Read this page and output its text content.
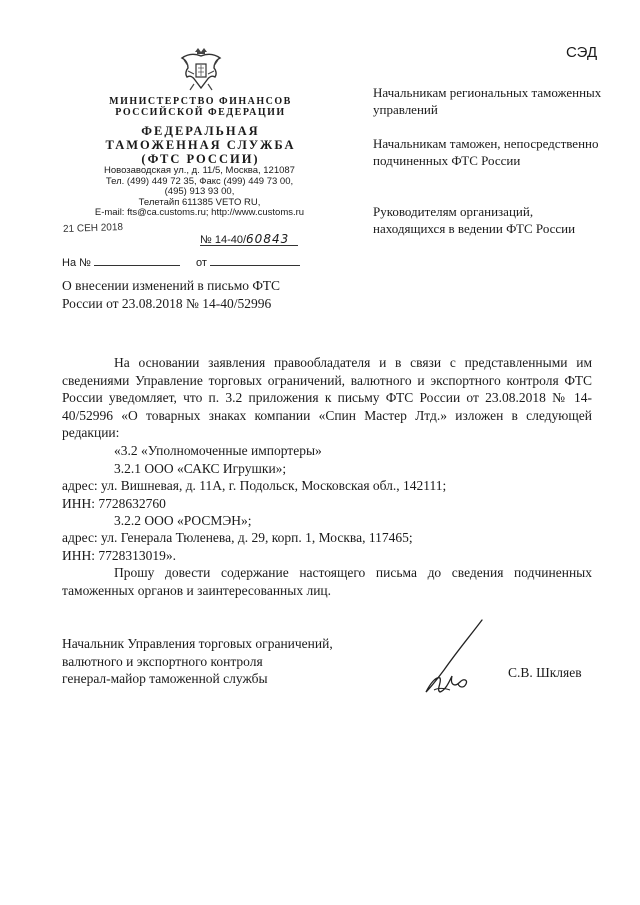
СЭД
МИНИСТЕРСТВО ФИНАНСОВ
РОССИЙСКОЙ ФЕДЕРАЦИИ
ФЕДЕРАЛЬНАЯ
ТАМОЖЕННАЯ СЛУЖБА
(ФТС РОССИИ)
Новозаводская ул., д. 11/5, Москва, 121087
Тел. (499) 449 72 35, Факс (499) 449 73 00,
(495) 913 93 00,
Телетайп 611385 VETO RU,
E-mail: fts@ca.customs.ru; http://www.customs.ru
21 СЕН 2018
№ 14-40/60843
На №	от
Начальникам региональных таможенных управлений
Начальникам таможен, непосредственно подчиненных ФТС России
Руководителям организаций, находящихся в ведении ФТС России
О внесении изменений в письмо ФТС России от 23.08.2018 № 14-40/52996
На основании заявления правообладателя и в связи с представленными им сведениями Управление торговых ограничений, валютного и экспортного контроля ФТС России уведомляет, что п. 3.2 приложения к письму ФТС России от 23.08.2018 № 14-40/52996 «О товарных знаках компании «Спин Мастер Лтд.» изложен в следующей редакции:
«3.2 «Уполномоченные импортеры»
3.2.1 ООО «САКС Игрушки»;
адрес: ул. Вишневая, д. 11А, г. Подольск, Московская обл., 142111;
ИНН: 7728632760
3.2.2 ООО «РОСМЭН»;
адрес: ул. Генерала Тюленева, д. 29, корп. 1, Москва, 117465;
ИНН: 7728313019».
Прошу довести содержание настоящего письма до сведения подчиненных таможенных органов и заинтересованных лиц.
Начальник Управления торговых ограничений,
валютного и экспортного контроля
генерал-майор таможенной службы	С.В. Шкляев
